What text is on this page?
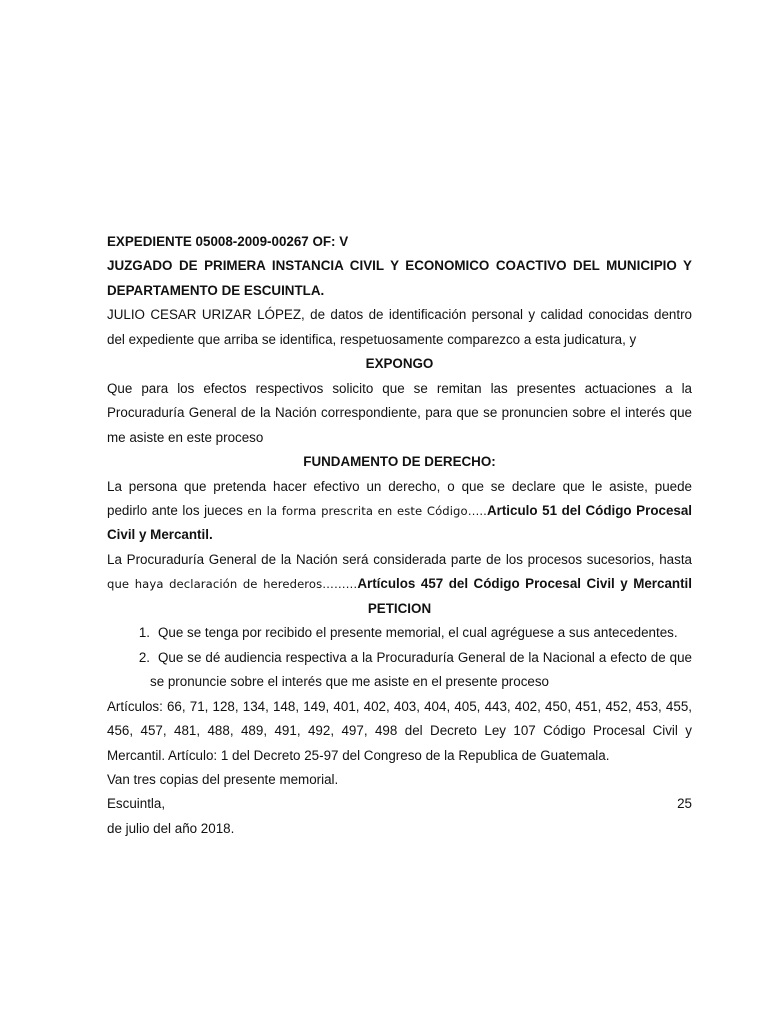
EXPEDIENTE 05008-2009-00267 OF: V

JUZGADO DE PRIMERA INSTANCIA CIVIL Y ECONOMICO COACTIVO DEL MUNICIPIO Y

DEPARTAMENTO DE ESCUINTLA.

JULIO CESAR URIZAR LÓPEZ, de datos de identificación personal y calidad conocidas dentro

del expediente que arriba se identifica, respetuosamente comparezco a esta judicatura, y

EXPONGO

Que para los efectos respectivos solicito que se remitan las presentes actuaciones a la

Procuraduría General de la Nación correspondiente, para que se pronuncien sobre el interés que

me asiste en este proceso

FUNDAMENTO DE DERECHO:

La persona que pretenda hacer efectivo un derecho, o que se declare que le asiste, puede

pedirlo ante los jueces en la forma prescrita en este Código…..Articulo 51 del Código Procesal

Civil y Mercantil.

La Procuraduría General de la Nación será considerada parte de los procesos sucesorios, hasta

que haya declaración de herederos………Artículos 457 del Código Procesal Civil y Mercantil

PETICION

1. Que se tenga por recibido el presente memorial, el cual agréguese a sus antecedentes.
2. Que se dé audiencia respectiva a la Procuraduría General de la Nacional a efecto de que

se pronuncie sobre el interés que me asiste en el presente proceso

Artículos: 66, 71, 128, 134, 148, 149, 401, 402, 403, 404, 405, 443, 402, 450, 451, 452, 453, 455,

456, 457, 481, 488, 489, 491, 492, 497, 498 del Decreto Ley 107 Código Procesal Civil y

Mercantil. Artículo: 1 del Decreto 25-97 del Congreso de la Republica de Guatemala.

Van tres copias del presente memorial.

Escuintla,	25

de julio del año 2018.
